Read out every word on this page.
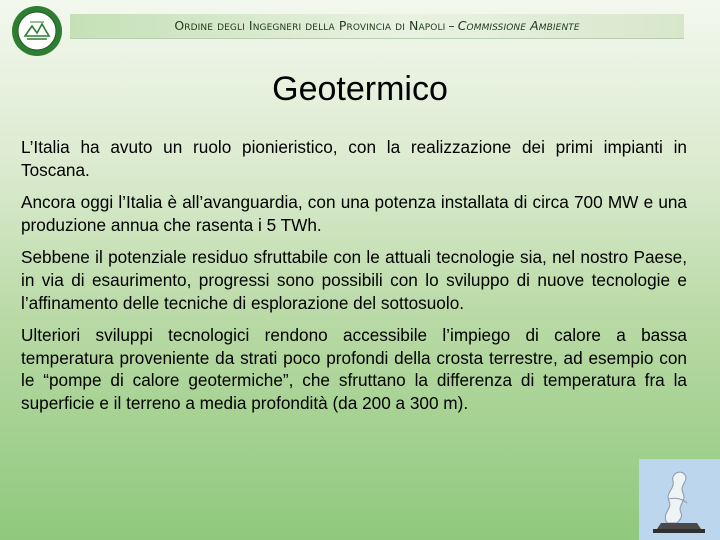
Ordine degli Ingegneri della Provincia di Napoli – Commissione Ambiente
Geotermico

L’Italia ha avuto un ruolo pionieristico, con la realizzazione dei primi impianti in Toscana.

Ancora oggi l’Italia è all’avanguardia, con una potenza installata di circa 700 MW e una produzione annua che rasenta i 5 TWh.

Sebbene il potenziale residuo sfruttabile con le attuali tecnologie sia, nel nostro Paese, in via di esaurimento, progressi sono possibili con lo sviluppo di nuove tecnologie e l’affinamento delle tecniche di esplorazione del sottosuolo.

Ulteriori sviluppi tecnologici rendono accessibile l’impiego di calore a bassa temperatura proveniente da strati poco profondi della crosta terrestre, ad esempio con le “pompe di calore geotermiche”, che sfruttano la differenza di temperatura fra la superficie e il terreno a media profondità (da 200 a 300 m).
